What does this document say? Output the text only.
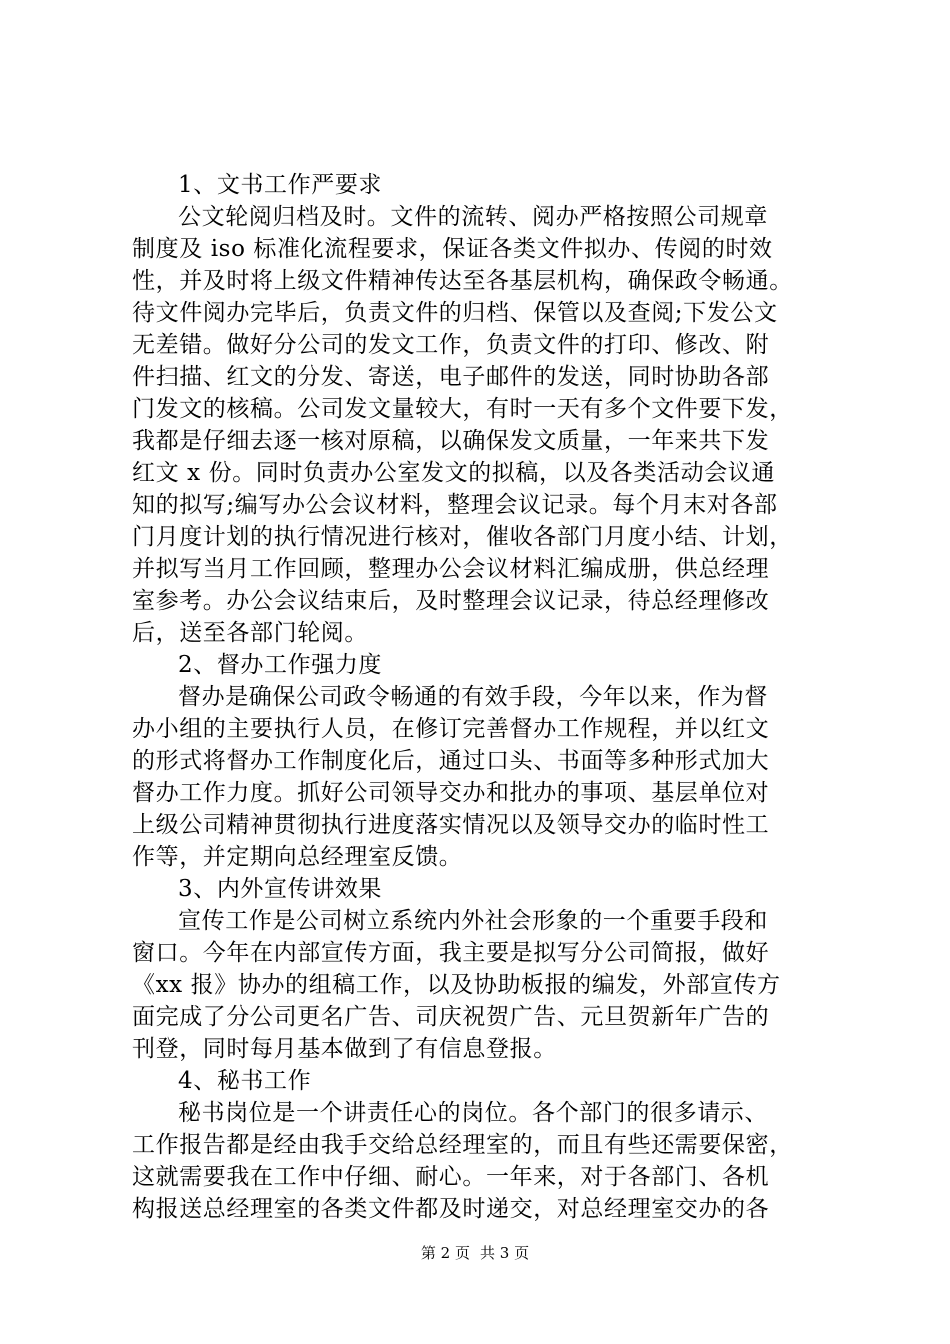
1、文书工作严要求
公文轮阅归档及时。文件的流转、阅办严格按照公司规章
制度及 iso 标准化流程要求，保证各类文件拟办、传阅的时效
性，并及时将上级文件精神传达至各基层机构，确保政令畅通。
待文件阅办完毕后，负责文件的归档、保管以及查阅;下发公文
无差错。做好分公司的发文工作，负责文件的打印、修改、附
件扫描、红文的分发、寄送，电子邮件的发送，同时协助各部
门发文的核稿。公司发文量较大，有时一天有多个文件要下发，
我都是仔细去逐一核对原稿，以确保发文质量，一年来共下发
红文 x 份。同时负责办公室发文的拟稿，以及各类活动会议通
知的拟写;编写办公会议材料，整理会议记录。每个月末对各部
门月度计划的执行情况进行核对，催收各部门月度小结、计划，
并拟写当月工作回顾，整理办公会议材料汇编成册，供总经理
室参考。办公会议结束后，及时整理会议记录，待总经理修改
后，送至各部门轮阅。
2、督办工作强力度
督办是确保公司政令畅通的有效手段，今年以来，作为督
办小组的主要执行人员，在修订完善督办工作规程，并以红文
的形式将督办工作制度化后，通过口头、书面等多种形式加大
督办工作力度。抓好公司领导交办和批办的事项、基层单位对
上级公司精神贯彻执行进度落实情况以及领导交办的临时性工
作等，并定期向总经理室反馈。
3、内外宣传讲效果
宣传工作是公司树立系统内外社会形象的一个重要手段和
窗口。今年在内部宣传方面，我主要是拟写分公司简报，做好
《xx 报》协办的组稿工作，以及协助板报的编发，外部宣传方
面完成了分公司更名广告、司庆祝贺广告、元旦贺新年广告的
刊登，同时每月基本做到了有信息登报。
4、秘书工作
秘书岗位是一个讲责任心的岗位。各个部门的很多请示、
工作报告都是经由我手交给总经理室的，而且有些还需要保密，
这就需要我在工作中仔细、耐心。一年来，对于各部门、各机
构报送总经理室的各类文件都及时递交，对总经理室交办的各
第 2 页 共 3 页
